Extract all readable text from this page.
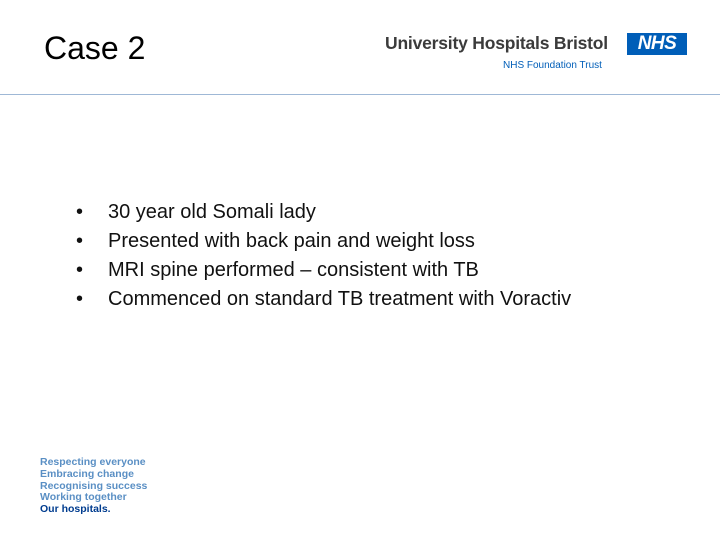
Case 2	University Hospitals Bristol	NHS
NHS Foundation Trust
• 30 year old Somali lady
• Presented with back pain and weight loss
• MRI spine performed – consistent with TB
• Commenced on standard TB treatment with Voractiv
Respecting everyone
Embracing change
Recognising success
Working together
Our hospitals.
